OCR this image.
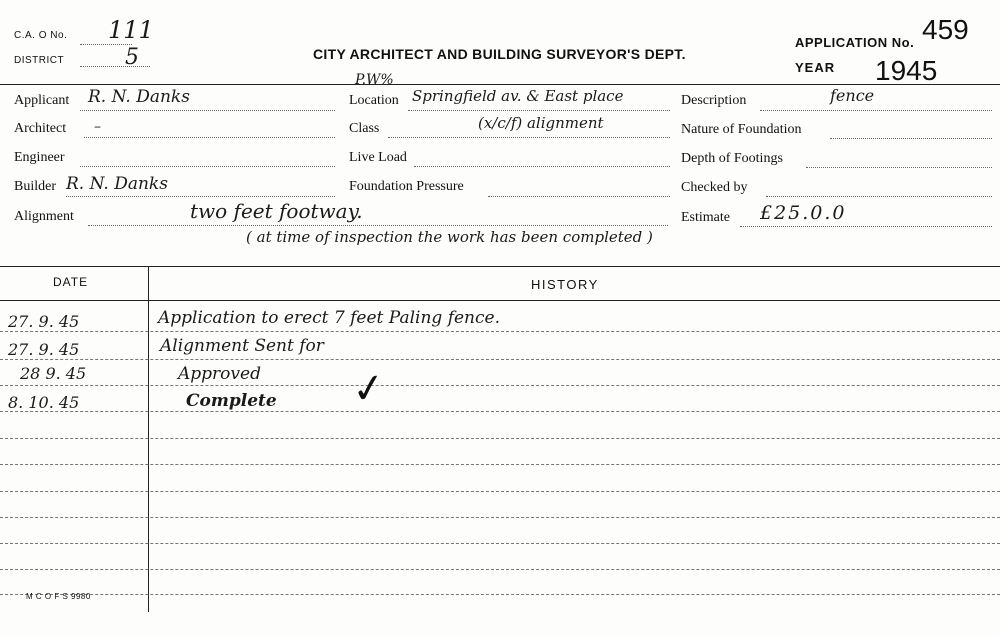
C.A. O No. 111
DISTRICT	5	CITY ARCHITECT AND BUILDING SURVEYOR'S DEPT.
P.W%
APPLICATION No. 459
YEAR 1945
Applicant R. N. Danks
Architect –
Engineer
Builder R. N. Danks
Alignment	two feet footway.
( at time of inspection the work has been completed )
Location Springfield av. & East place
Class	(x/c/f) alignment
Live Load
Foundation Pressure
Description	fence
Nature of Foundation
Depth of Footings
Checked by
Estimate £25.0.0
DATE	HISTORY
27. 9. 45	Application to erect 7 feet Paling fence.
27. 9. 45	Alignment Sent for
28 9. 45	Approved
8. 10. 45	Complete ✓
M C O F S 9980
